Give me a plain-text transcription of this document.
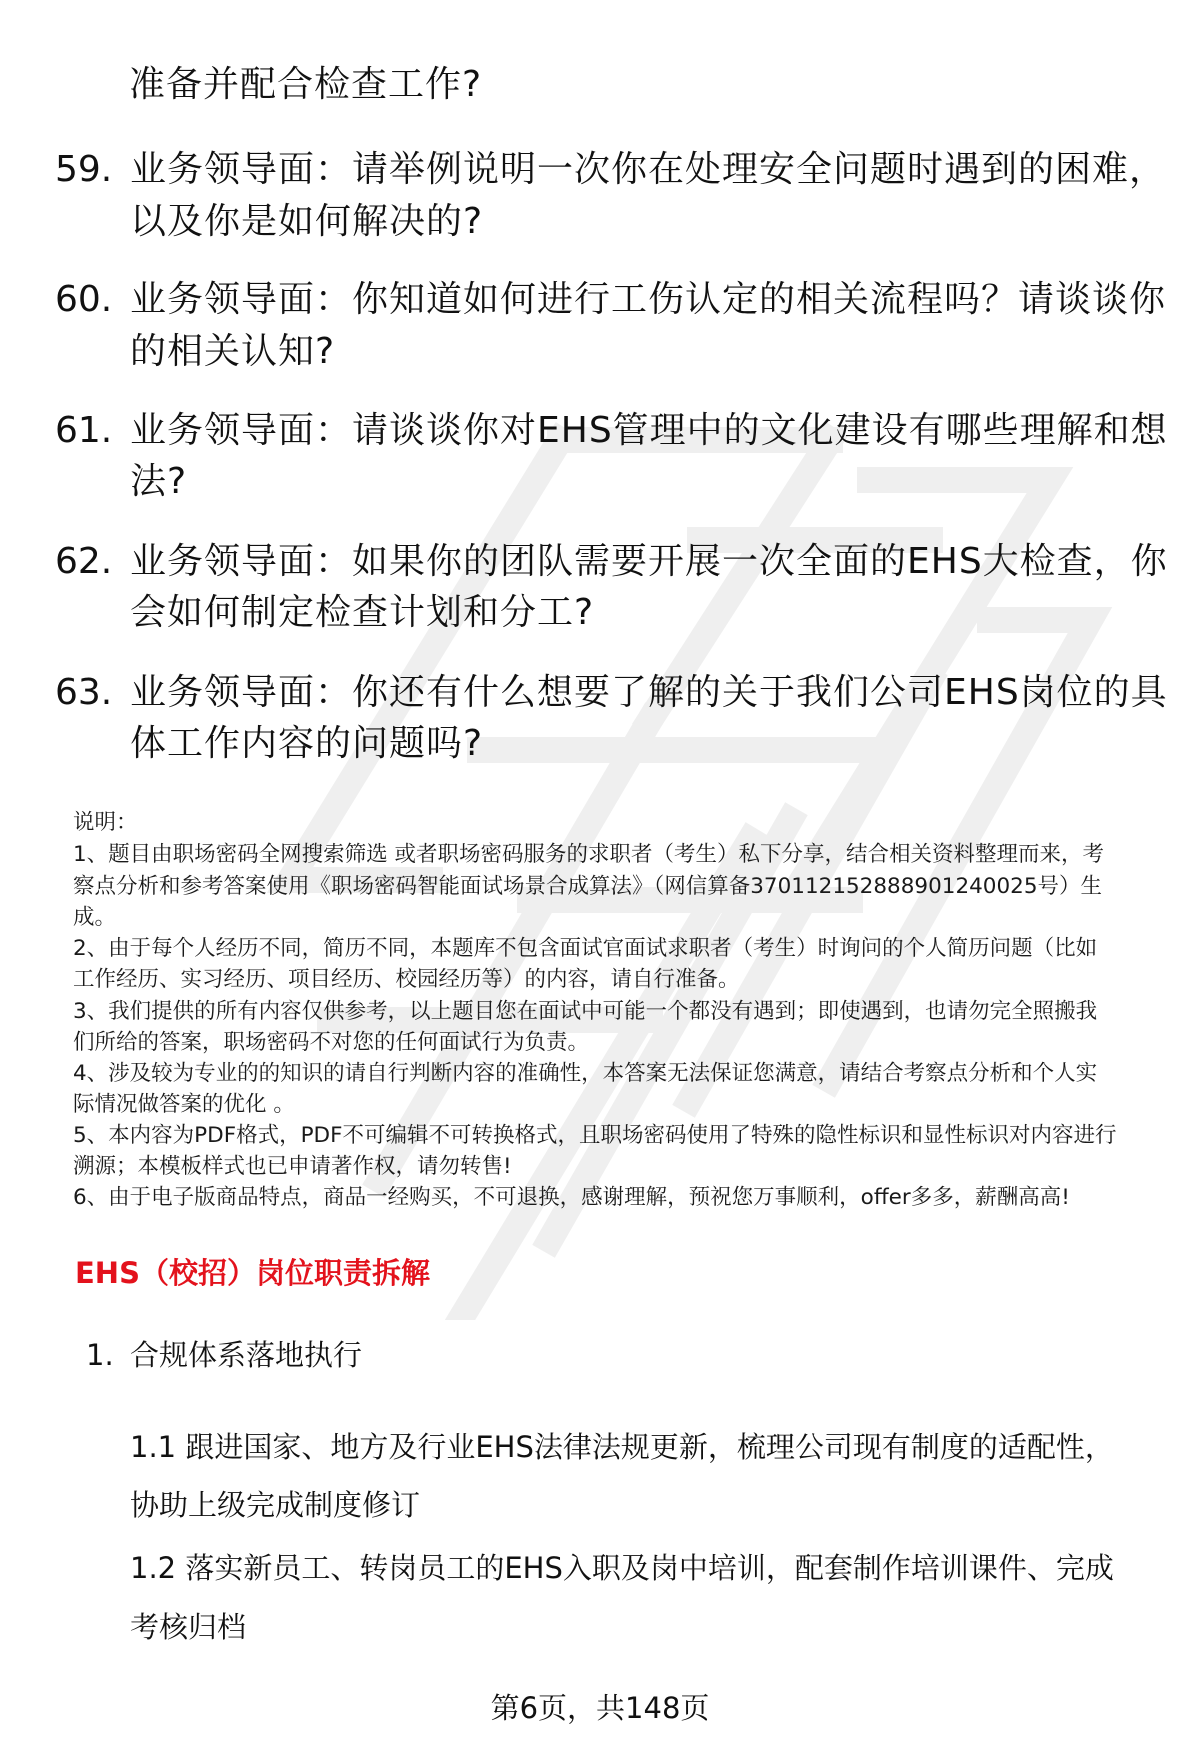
准备并配合检查工作?
59. 业务领导面：请举例说明一次你在处理安全问题时遇到的困难，
以及你是如何解决的?
60. 业务领导面：你知道如何进行工伤认定的相关流程吗？请谈谈你
的相关认知?
61. 业务领导面：请谈谈你对EHS管理中的文化建设有哪些理解和想
法?
62. 业务领导面：如果你的团队需要开展一次全面的EHS大检查，你
会如何制定检查计划和分工?
63. 业务领导面：你还有什么想要了解的关于我们公司EHS岗位的具
体工作内容的问题吗?
说明：
1、题目由职场密码全网搜索筛选 或者职场密码服务的求职者（考生）私下分享，结合相关资料整理而来，考
察点分析和参考答案使用《职场密码智能面试场景合成算法》（网信算备370112152888901240025号）生
成。
2、由于每个人经历不同，简历不同，本题库不包含面试官面试求职者（考生）时询问的个人简历问题（比如
工作经历、实习经历、项目经历、校园经历等）的内容，请自行准备。
3、我们提供的所有内容仅供参考，以上题目您在面试中可能一个都没有遇到；即使遇到，也请勿完全照搬我
们所给的答案，职场密码不对您的任何面试行为负责。
4、涉及较为专业的的知识的请自行判断内容的准确性，本答案无法保证您满意，请结合考察点分析和个人实
际情况做答案的优化 。
5、本内容为PDF格式，PDF不可编辑不可转换格式，且职场密码使用了特殊的隐性标识和显性标识对内容进行
溯源；本模板样式也已申请著作权，请勿转售!
6、由于电子版商品特点，商品一经购买，不可退换，感谢理解，预祝您万事顺利，offer多多，薪酬高高!
EHS（校招）岗位职责拆解
1. 合规体系落地执行
1.1 跟进国家、地方及行业EHS法律法规更新，梳理公司现有制度的适配性，
协助上级完成制度修订
1.2 落实新员工、转岗员工的EHS入职及岗中培训，配套制作培训课件、完成
考核归档
第6页，共148页
